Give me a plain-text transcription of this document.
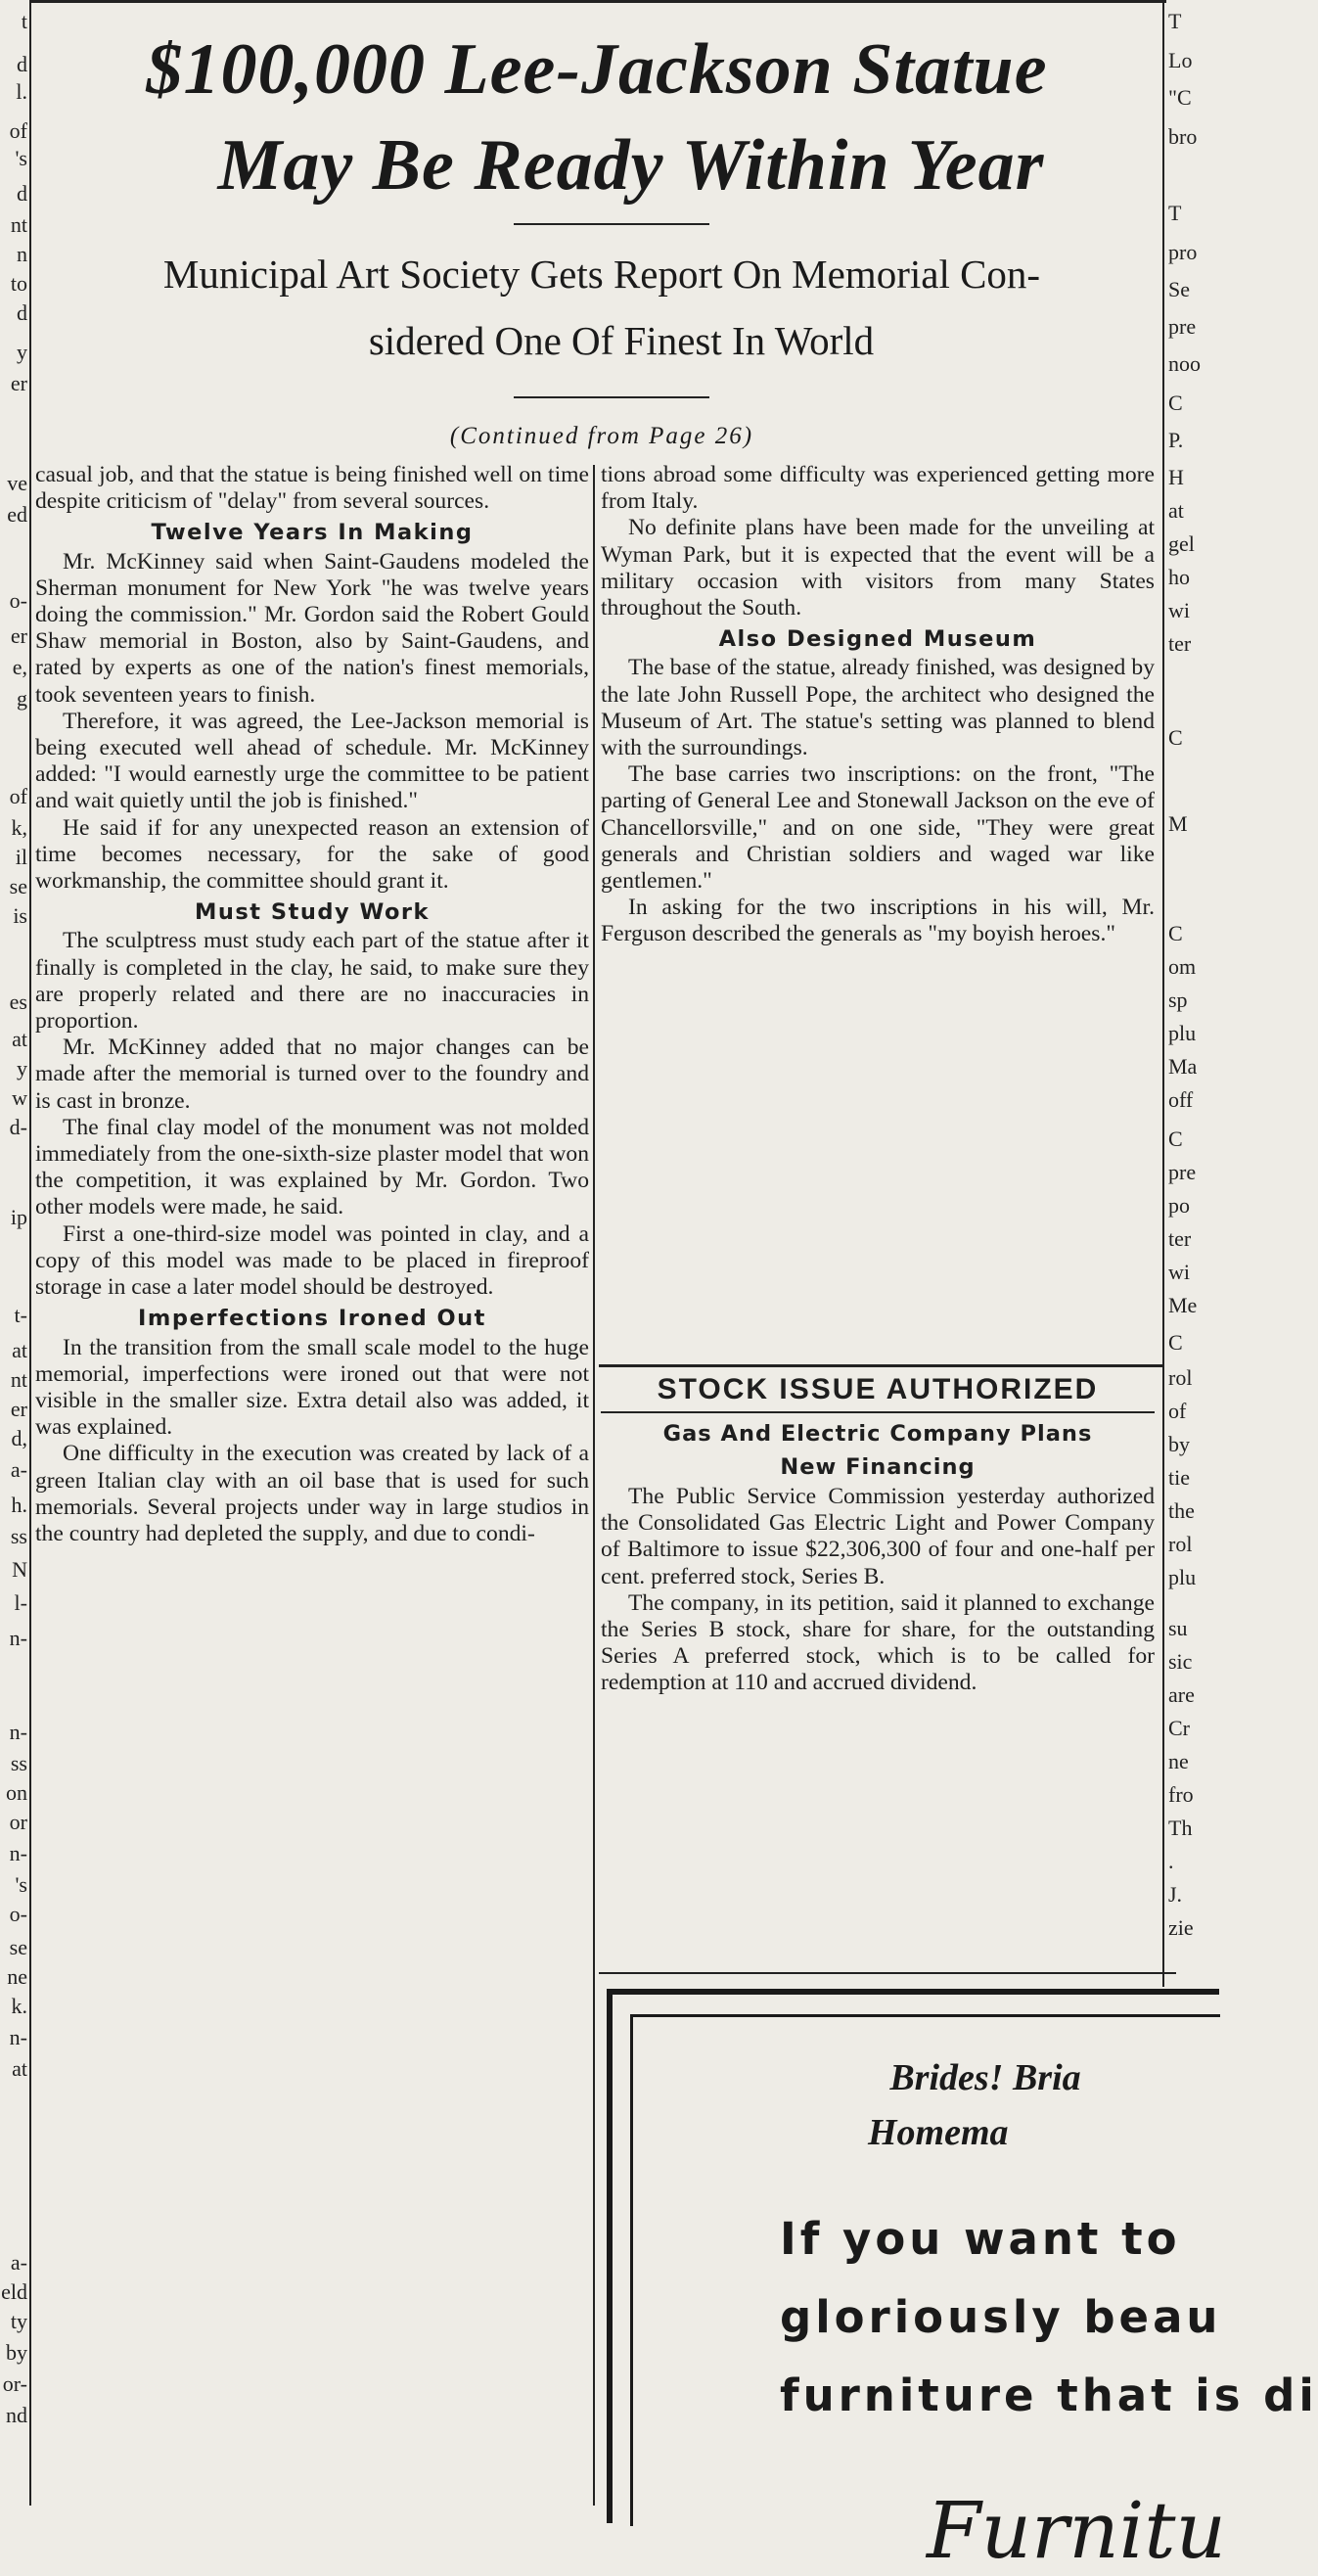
t
d
l.
of
's
d
nt
n
to
d
y
er
ve
ed
o-
er
e,
g
of
k,
il
se
is
es
at
y
w
d-
ip
t-
at
nt
er
d,
a-
h.
ss
N
l-
n-
n-
ss
on
or
n-
's
o-
se
ne
k.
n-
at
a-
eld
ty
by
or-
nd
$100,000 Lee-Jackson Statue
May Be Ready Within Year
Municipal Art Society Gets Report On Memorial Con-
sidered One Of Finest In World
(Continued from Page 26)

casual job, and that the statue is being finished well on time despite criticism of "delay" from several sources.

Twelve Years In Making

Mr. McKinney said when Saint-Gaudens modeled the Sherman monument for New York "he was twelve years doing the commission." Mr. Gordon said the Robert Gould Shaw memorial in Boston, also by Saint-Gaudens, and rated by experts as one of the nation's finest memorials, took seventeen years to finish.

Therefore, it was agreed, the Lee-Jackson memorial is being executed well ahead of schedule. Mr. McKinney added: "I would earnestly urge the committee to be patient and wait quietly until the job is finished."

He said if for any unexpected reason an extension of time becomes necessary, for the sake of good workmanship, the committee should grant it.

Must Study Work

The sculptress must study each part of the statue after it finally is completed in the clay, he said, to make sure they are properly related and there are no inaccuracies in proportion.

Mr. McKinney added that no major changes can be made after the memorial is turned over to the foundry and is cast in bronze.

The final clay model of the monument was not molded immediately from the one-sixth-size plaster model that won the competition, it was explained by Mr. Gordon. Two other models were made, he said.

First a one-third-size model was pointed in clay, and a copy of this model was made to be placed in fireproof storage in case a later model should be destroyed.

Imperfections Ironed Out

In the transition from the small scale model to the huge memorial, imperfections were ironed out that were not visible in the smaller size. Extra detail also was added, it was explained.

One difficulty in the execution was created by lack of a green Italian clay with an oil base that is used for such memorials. Several projects under way in large studios in the country had depleted the supply, and due to condi-

tions abroad some difficulty was experienced getting more from Italy.

No definite plans have been made for the unveiling at Wyman Park, but it is expected that the event will be a military occasion with visitors from many States throughout the South.

Also Designed Museum

The base of the statue, already finished, was designed by the late John Russell Pope, the architect who designed the Museum of Art. The statue's setting was planned to blend with the surroundings.

The base carries two inscriptions: on the front, "The parting of General Lee and Stonewall Jackson on the eve of Chancellorsville," and on one side, "They were great generals and Christian soldiers and waged war like gentlemen."

In asking for the two inscriptions in his will, Mr. Ferguson described the generals as "my boyish heroes."

STOCK ISSUE AUTHORIZED
Gas And Electric Company Plans
New Financing

The Public Service Commission yesterday authorized the Consolidated Gas Electric Light and Power Company of Baltimore to issue $22,306,300 of four and one-half per cent. preferred stock, Series B.

The company, in its petition, said it planned to exchange the Series B stock, share for share, for the outstanding Series A preferred stock, which is to be called for redemption at 110 and accrued dividend.

Brides! Bria
Homema
If you want to
gloriously beau
furniture that is di
Furnitu
T
Lo
"C
bro
T
pro
Se
pre
noo
C
P.
H
at
gel
ho
wi
ter
C
M
C
om
sp
plu
Ma
off
C
pre
po
ter
wi
Me
C
rol
of
by
tie
the
rol
plu
su
sic
are
Cr
ne
fro
Th
.
J.
zie
